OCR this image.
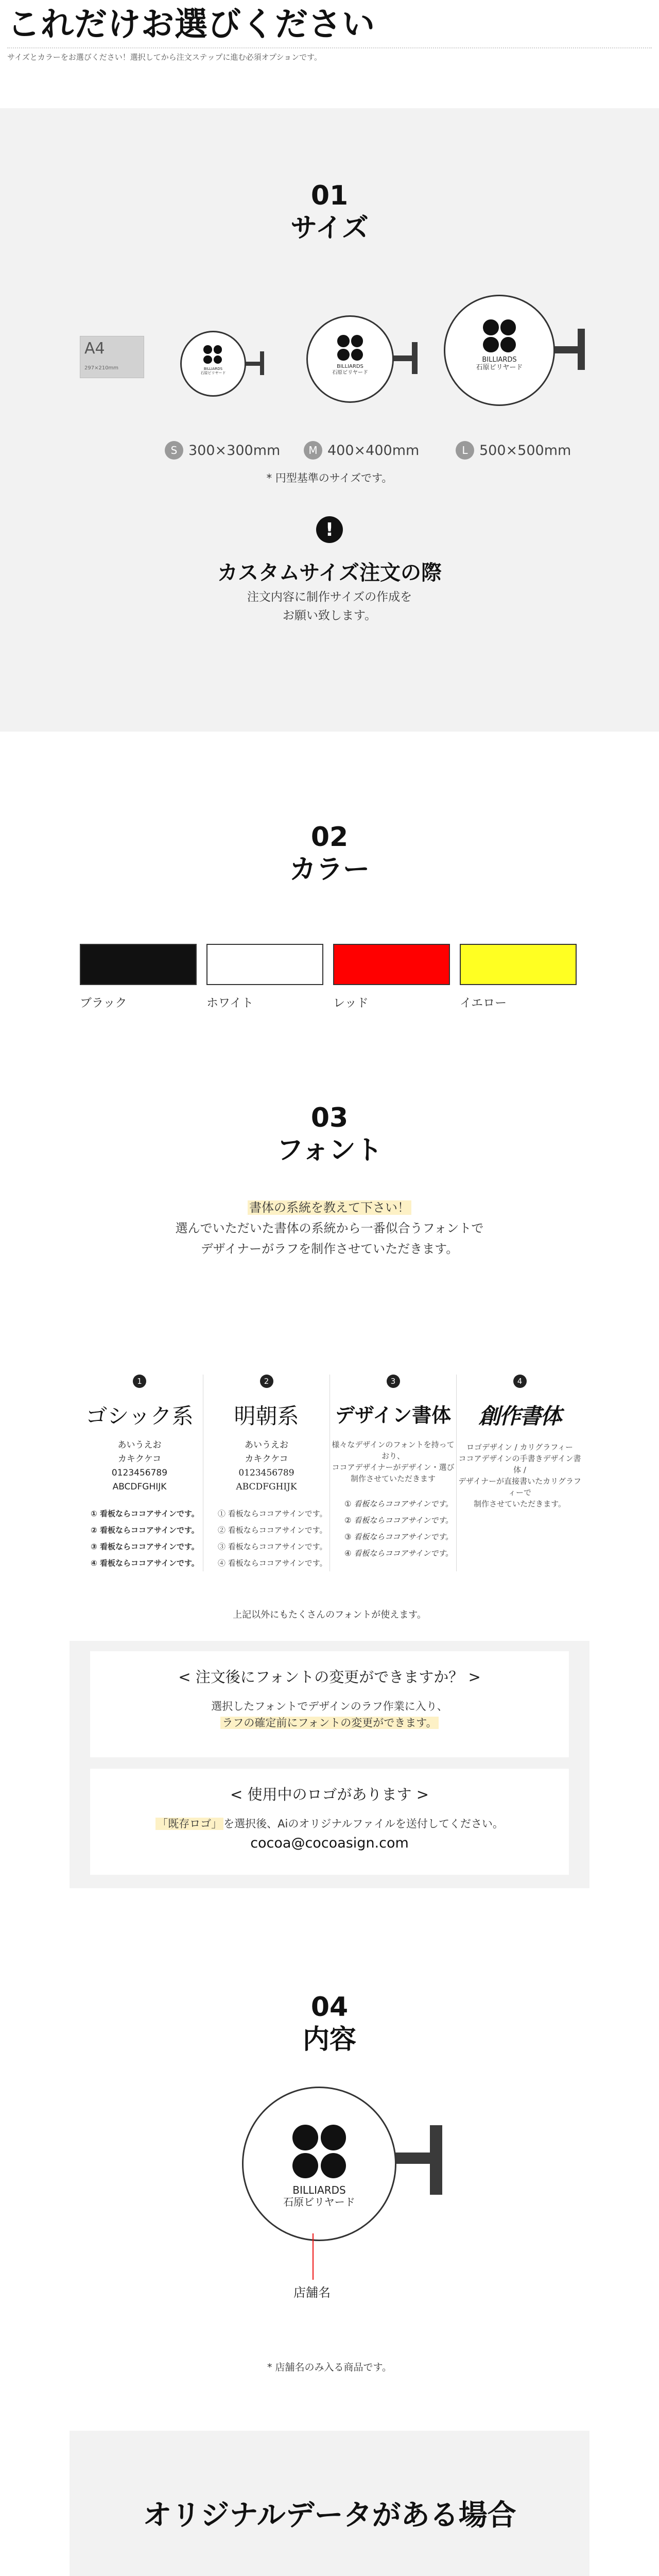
これだけお選びください

サイズとカラーをお選びください！選択してから注文ステップに進む必須オプションです。

01
サイズ
A4
297×210mm	BILLIARDS
石原ビリヤード
BILLIARDS
石原ビリヤード
BILLIARDS
石原ビリヤード
S 300×300mm	M 400×400mm	L 500×500mm
* 円型基準のサイズです。
!
カスタムサイズ注文の際
注文内容に制作サイズの作成を
お願い致します。
02
カラー
ブラック	ホワイト	レッド	イエロー
03
フォント
書体の系統を教えて下さい！
選んでいただいた書体の系統から一番似合うフォントで
デザイナーがラフを制作させていただきます。
1
ゴシック系
あいうえお
カキクケコ
0123456789
ABCDFGHIJK
① 看板ならココアサインです。
② 看板ならココアサインです。
③ 看板ならココアサインです。
④ 看板ならココアサインです。
2
明朝系
あいうえお
カキクケコ
0123456789
ABCDFGHIJK
① 看板ならココアサインです。
② 看板ならココアサインです。
③ 看板ならココアサインです。
④ 看板ならココアサインです。
3
デザイン書体
様々なデザインのフォントを持っており、
ココアデザイナーがデザイン・選び
制作させていただきます
① 看板ならココアサインです。
② 看板ならココアサインです。
③ 看板ならココアサインです。
④ 看板ならココアサインです。
4
創作書体
ロゴデザイン / カリグラフィー
ココアデザインの手書きデザイン書体 /
デザイナーが直接書いたカリグラフィーで
制作させていただきます。
上記以外にもたくさんのフォントが使えます。
< 注文後にフォントの変更ができますか？ >
選択したフォントでデザインのラフ作業に入り、
ラフの確定前にフォントの変更ができます。
< 使用中のロゴがあります >
「既存ロゴ」 を選択後、Aiのオリジナルファイルを送付してください。
cocoa@cocoasign.com
04
内容
BILLIARDS
石原ビリヤード
店舗名
* 店舗名のみ入る商品です。
オリジナルデータがある場合
